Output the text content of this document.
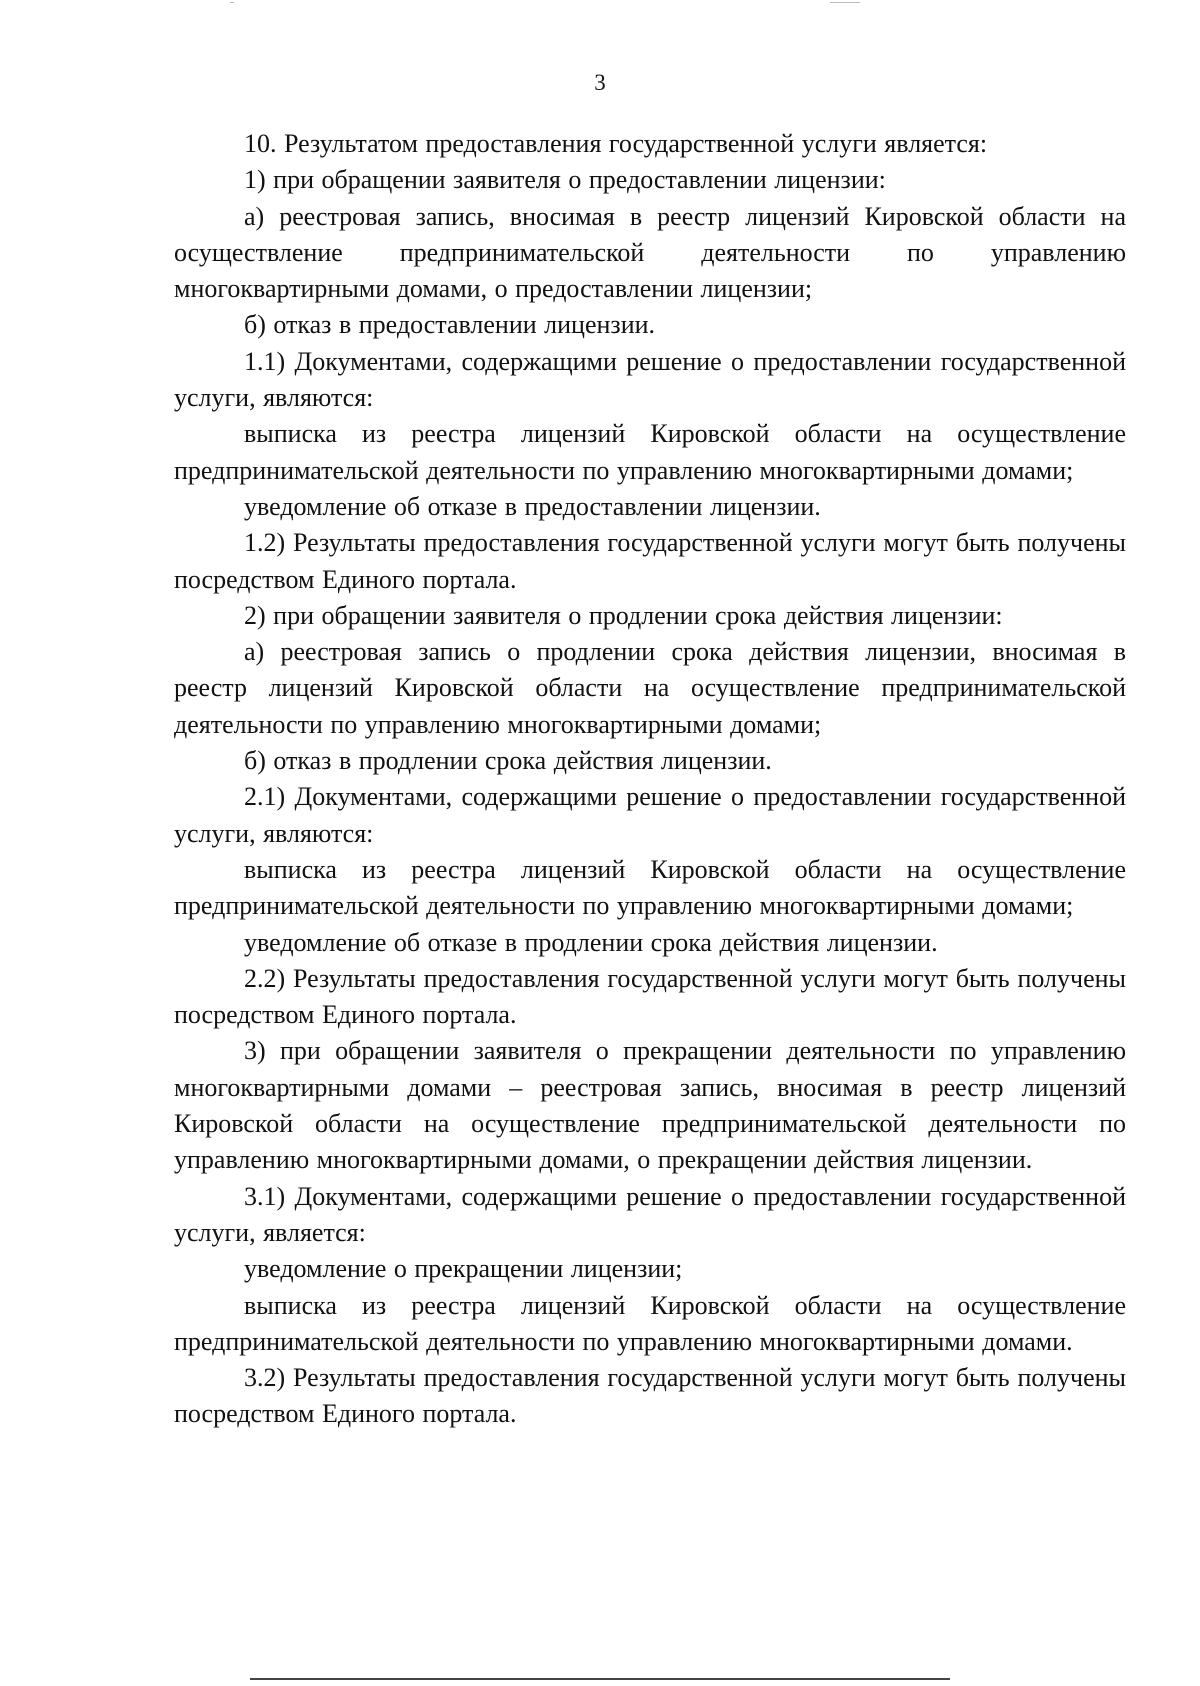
3

10. Результатом предоставления государственной услуги является:

1) при обращении заявителя о предоставлении лицензии:

а) реестровая запись, вносимая в реестр лицензий Кировской области на осуществление предпринимательской деятельности по управлению многоквартирными домами, о предоставлении лицензии;

б) отказ в предоставлении лицензии.

1.1) Документами, содержащими решение о предоставлении государственной услуги, являются:

выписка из реестра лицензий Кировской области на осуществление предпринимательской деятельности по управлению многоквартирными домами;

уведомление об отказе в предоставлении лицензии.

1.2) Результаты предоставления государственной услуги могут быть получены посредством Единого портала.

2) при обращении заявителя о продлении срока действия лицензии:

а) реестровая запись о продлении срока действия лицензии, вносимая в реестр лицензий Кировской области на осуществление предпринимательской деятельности по управлению многоквартирными домами;

б) отказ в продлении срока действия лицензии.

2.1) Документами, содержащими решение о предоставлении государственной услуги, являются:

выписка из реестра лицензий Кировской области на осуществление предпринимательской деятельности по управлению многоквартирными домами;

уведомление об отказе в продлении срока действия лицензии.

2.2) Результаты предоставления государственной услуги могут быть получены посредством Единого портала.

3) при обращении заявителя о прекращении деятельности по управлению многоквартирными домами – реестровая запись, вносимая в реестр лицензий Кировской области на осуществление предпринимательской деятельности по управлению многоквартирными домами, о прекращении действия лицензии.

3.1) Документами, содержащими решение о предоставлении государственной услуги, является:

уведомление о прекращении лицензии;

выписка из реестра лицензий Кировской области на осуществление предпринимательской деятельности по управлению многоквартирными домами.

3.2) Результаты предоставления государственной услуги могут быть получены посредством Единого портала.
